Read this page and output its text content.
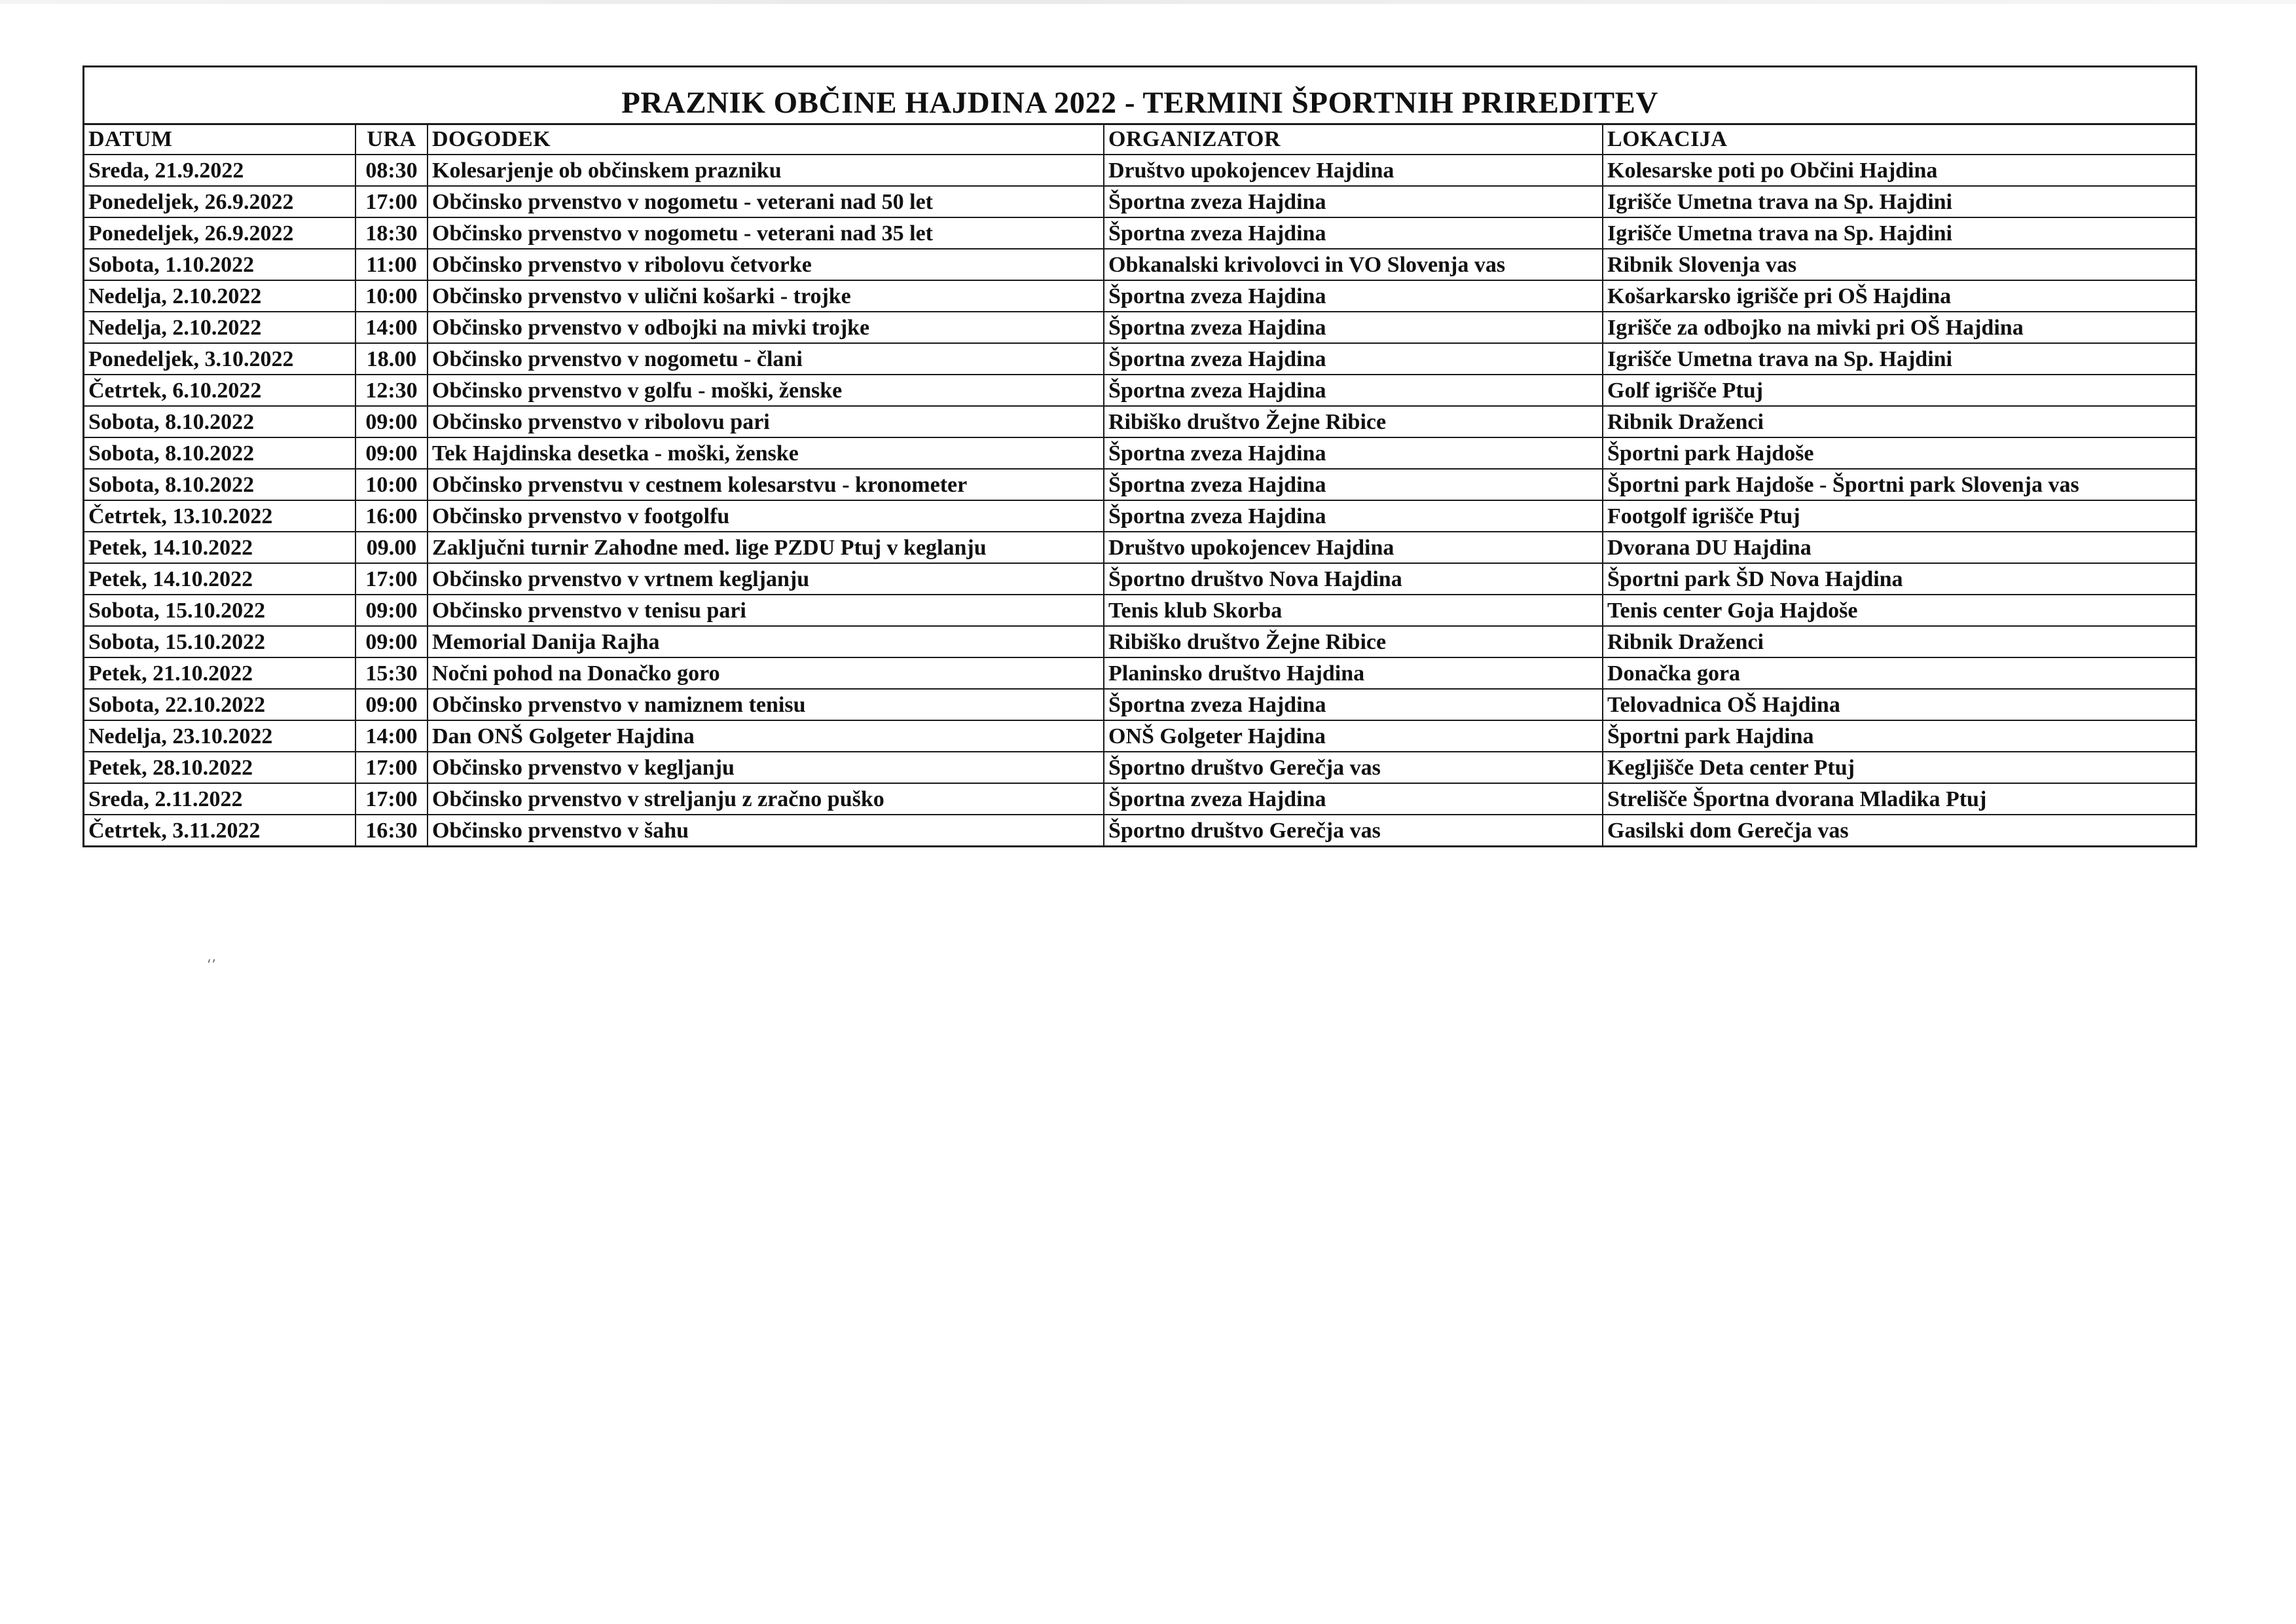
PRAZNIK OBČINE HAJDINA 2022 - TERMINI ŠPORTNIH PRIREDITEV
DATUM	URA	DOGODEK	ORGANIZATOR	LOKACIJA
Sreda, 21.9.2022	08:30	Kolesarjenje ob občinskem prazniku	Društvo upokojencev Hajdina	Kolesarske poti po Občini Hajdina
Ponedeljek, 26.9.2022	17:00	Občinsko prvenstvo v nogometu - veterani nad 50 let	Športna zveza Hajdina	Igrišče Umetna trava na Sp. Hajdini
Ponedeljek, 26.9.2022	18:30	Občinsko prvenstvo v nogometu - veterani nad 35 let	Športna zveza Hajdina	Igrišče Umetna trava na Sp. Hajdini
Sobota, 1.10.2022	11:00	Občinsko prvenstvo v ribolovu četvorke	Obkanalski krivolovci in VO Slovenja vas	Ribnik Slovenja vas
Nedelja, 2.10.2022	10:00	Občinsko prvenstvo v ulični košarki - trojke	Športna zveza Hajdina	Košarkarsko igrišče pri OŠ Hajdina
Nedelja, 2.10.2022	14:00	Občinsko prvenstvo v odbojki na mivki trojke	Športna zveza Hajdina	Igrišče za odbojko na mivki pri OŠ Hajdina
Ponedeljek, 3.10.2022	18.00	Občinsko prvenstvo v nogometu - člani	Športna zveza Hajdina	Igrišče Umetna trava na Sp. Hajdini
Četrtek, 6.10.2022	12:30	Občinsko prvenstvo v golfu - moški, ženske	Športna zveza Hajdina	Golf igrišče Ptuj
Sobota, 8.10.2022	09:00	Občinsko prvenstvo v ribolovu pari	Ribiško društvo Žejne Ribice	Ribnik Draženci
Sobota, 8.10.2022	09:00	Tek Hajdinska desetka - moški, ženske	Športna zveza Hajdina	Športni park Hajdoše
Sobota, 8.10.2022	10:00	Občinsko prvenstvu v cestnem kolesarstvu - kronometer	Športna zveza Hajdina	Športni park Hajdoše - Športni park Slovenja vas
Četrtek, 13.10.2022	16:00	Občinsko prvenstvo v footgolfu	Športna zveza Hajdina	Footgolf igrišče Ptuj
Petek, 14.10.2022	09.00	Zaključni turnir Zahodne med. lige PZDU Ptuj v keglanju	Društvo upokojencev Hajdina	Dvorana DU Hajdina
Petek, 14.10.2022	17:00	Občinsko prvenstvo v vrtnem kegljanju	Športno društvo Nova Hajdina	Športni park ŠD Nova Hajdina
Sobota, 15.10.2022	09:00	Občinsko prvenstvo v tenisu pari	Tenis klub Skorba	Tenis center Goja Hajdoše
Sobota, 15.10.2022	09:00	Memorial Danija Rajha	Ribiško društvo Žejne Ribice	Ribnik Draženci
Petek, 21.10.2022	15:30	Nočni pohod na Donačko goro	Planinsko društvo Hajdina	Donačka gora
Sobota, 22.10.2022	09:00	Občinsko prvenstvo v namiznem tenisu	Športna zveza Hajdina	Telovadnica OŠ Hajdina
Nedelja, 23.10.2022	14:00	Dan ONŠ Golgeter Hajdina	ONŠ Golgeter Hajdina	Športni park Hajdina
Petek, 28.10.2022	17:00	Občinsko prvenstvo v kegljanju	Športno društvo Gerečja vas	Kegljišče Deta center Ptuj
Sreda, 2.11.2022	17:00	Občinsko prvenstvo v streljanju z zračno puško	Športna zveza Hajdina	Strelišče Športna dvorana Mladika Ptuj
Četrtek, 3.11.2022	16:30	Občinsko prvenstvo v šahu	Športno društvo Gerečja vas	Gasilski dom Gerečja vas
ʻʼ
